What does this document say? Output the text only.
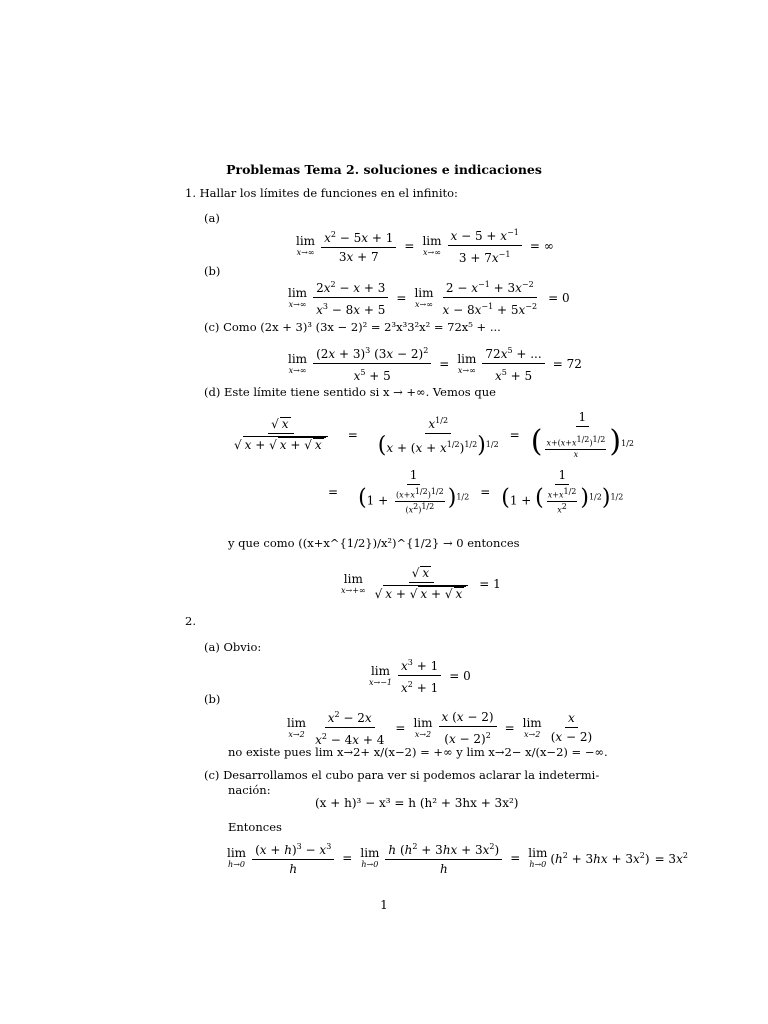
Problemas Tema 2. soluciones e indicaciones
1. Hallar los límites de funciones en el infinito:
(a)
lim
$x\to\infty \frac{x^2 - 5x + 1}{3x + 7} = \lim$
$x\to\infty \frac{x - 5 + x^{-1}}{3 + 7x^{-1}}$ = ∞
(b)
lim
$x\to\infty \frac{2x^2 - x + 3}{x^3 - 8x + 5} = \lim$
$x\to\infty \frac{2 - x^{-1} + 3x^{-2}}{x - 8x^{-1} + 5x^{-2}} = 0$
(c) Como (2x + 3)³ (3x − 2)² = 2³x³3²x² = 72x⁵ + ...
lim
$x\to\infty \frac{(2x + 3)^3 (3x - 2)^2}{x^5 + 5} = \lim$
$x\to\infty \frac{72x^5 + ...}{x^5 + 5} = 72$
(d) Este límite tiene sentido si x → +∞. Vemos que
$\frac{√ x}{√ x + √ x + √ x} = \frac{x^{1/2}}{(x + (x + x^{1/2})^{1/2})^{1/2}} = \frac{1}{( \frac{x+(x+x1/2)1/2}{x} )^{1/2}}$
= $\frac{1}{(1 + \frac{(x+x1/2)1/2}{(x2)1/2} )^{1/2}} = \frac{1}{(1 + ( \frac{x+x1/2}{x2} )^{1/2})^{1/2}}$
y que como ((x+x^{1/2})/x²)^{1/2} → 0 entonces
lim
$x\to+\infty \frac{√ x}{√ x + √ x + √ x} = 1$
2.
(a) Obvio:
lim
$x\to-1 \frac{x^3 + 1}{x^2 + 1} = 0$
(b)
lim
$x\to 2 \frac{x^2 - 2x}{x^2 - 4x + 4} = \lim$
$x\to 2 \frac{x (x - 2)}{(x - 2)^2} = \lim$
$x\to 2 \frac{x}{(x - 2)}$
no existe pues lim x→2+ x/(x−2) = +∞ y lim x→2− x/(x−2) = −∞.
(c) Desarrollamos el cubo para ver si podemos aclarar la indetermi-
nación:
(x + h)³ − x³ = h (h² + 3hx + 3x²)
Entonces
lim
$h\to 0 \frac{(x + h)^3 - x^3}{h} = \lim$
$h\to 0 \frac{h (h^2 + 3hx + 3x^2)}{h} = \lim$
h→0 $(h^2 + 3hx + 3x^2) = 3x^2$
1
